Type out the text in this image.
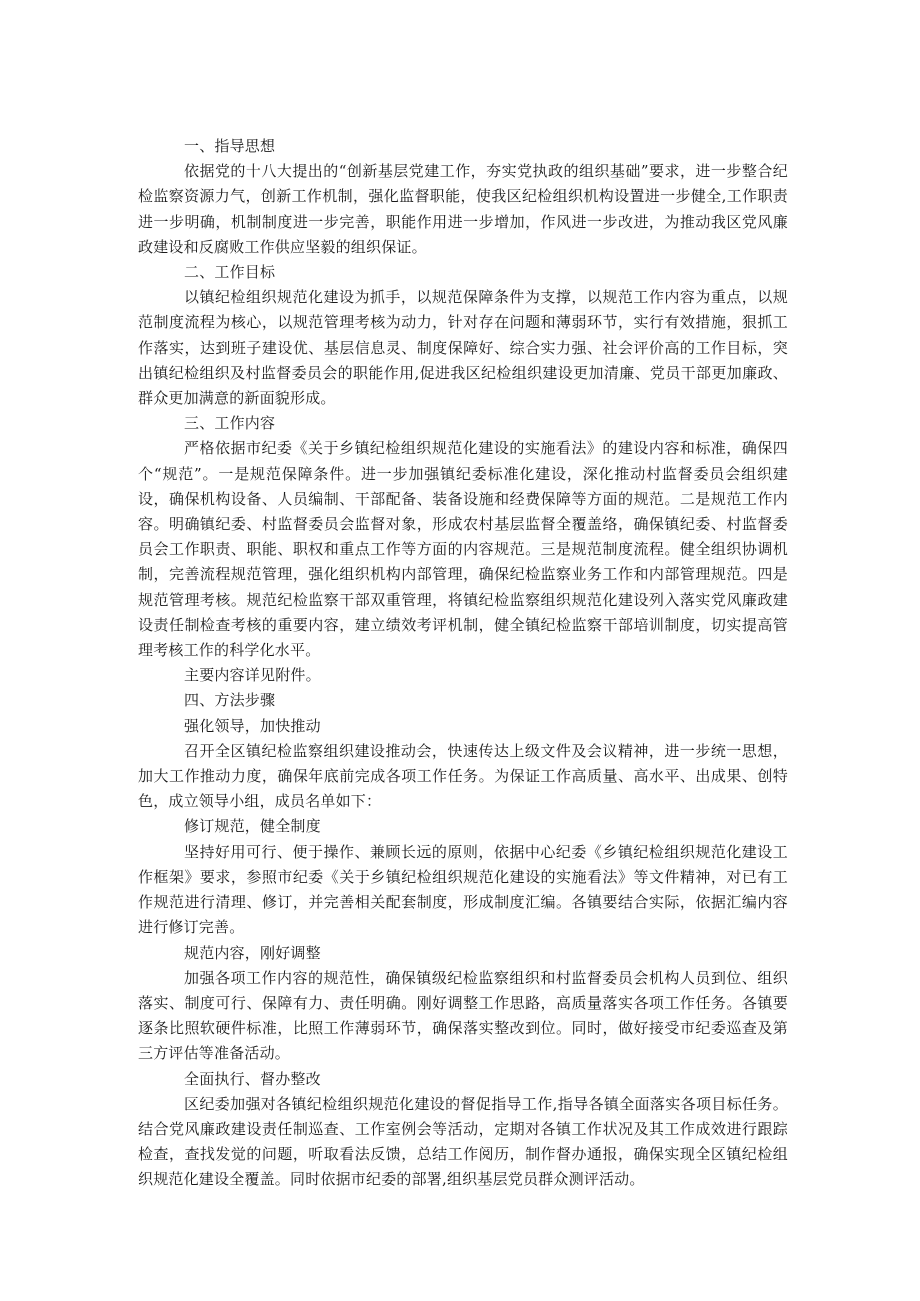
一、指导思想

依据党的十八大提出的“创新基层党建工作，夯实党执政的组织基础”要求，进一步整合纪检监察资源力气，创新工作机制，强化监督职能，使我区纪检组织机构设置进一步健全,工作职责进一步明确，机制制度进一步完善，职能作用进一步增加，作风进一步改进，为推动我区党风廉政建设和反腐败工作供应坚毅的组织保证。

二、工作目标

以镇纪检组织规范化建设为抓手，以规范保障条件为支撑，以规范工作内容为重点，以规范制度流程为核心，以规范管理考核为动力，针对存在问题和薄弱环节，实行有效措施，狠抓工作落实，达到班子建设优、基层信息灵、制度保障好、综合实力强、社会评价高的工作目标，突出镇纪检组织及村监督委员会的职能作用,促进我区纪检组织建设更加清廉、党员干部更加廉政、群众更加满意的新面貌形成。

三、工作内容

严格依据市纪委《关于乡镇纪检组织规范化建设的实施看法》的建设内容和标准，确保四个“规范”。一是规范保障条件。进一步加强镇纪委标准化建设，深化推动村监督委员会组织建设，确保机构设备、人员编制、干部配备、装备设施和经费保障等方面的规范。二是规范工作内容。明确镇纪委、村监督委员会监督对象，形成农村基层监督全覆盖络，确保镇纪委、村监督委员会工作职责、职能、职权和重点工作等方面的内容规范。三是规范制度流程。健全组织协调机制，完善流程规范管理，强化组织机构内部管理，确保纪检监察业务工作和内部管理规范。四是规范管理考核。规范纪检监察干部双重管理，将镇纪检监察组织规范化建设列入落实党风廉政建设责任制检查考核的重要内容，建立绩效考评机制，健全镇纪检监察干部培训制度，切实提高管理考核工作的科学化水平。

主要内容详见附件。

四、方法步骤

强化领导，加快推动

召开全区镇纪检监察组织建设推动会，快速传达上级文件及会议精神，进一步统一思想，加大工作推动力度，确保年底前完成各项工作任务。为保证工作高质量、高水平、出成果、创特色，成立领导小组，成员名单如下：

修订规范，健全制度

坚持好用可行、便于操作、兼顾长远的原则，依据中心纪委《乡镇纪检组织规范化建设工作框架》要求，参照市纪委《关于乡镇纪检组织规范化建设的实施看法》等文件精神，对已有工作规范进行清理、修订，并完善相关配套制度，形成制度汇编。各镇要结合实际，依据汇编内容进行修订完善。

规范内容，刚好调整

加强各项工作内容的规范性，确保镇级纪检监察组织和村监督委员会机构人员到位、组织落实、制度可行、保障有力、责任明确。刚好调整工作思路，高质量落实各项工作任务。各镇要逐条比照软硬件标准，比照工作薄弱环节，确保落实整改到位。同时，做好接受市纪委巡查及第三方评估等准备活动。

全面执行、督办整改

区纪委加强对各镇纪检组织规范化建设的督促指导工作,指导各镇全面落实各项目标任务。结合党风廉政建设责任制巡查、工作室例会等活动，定期对各镇工作状况及其工作成效进行跟踪检查，查找发觉的问题，听取看法反馈，总结工作阅历，制作督办通报，确保实现全区镇纪检组织规范化建设全覆盖。同时依据市纪委的部署,组织基层党员群众测评活动。
